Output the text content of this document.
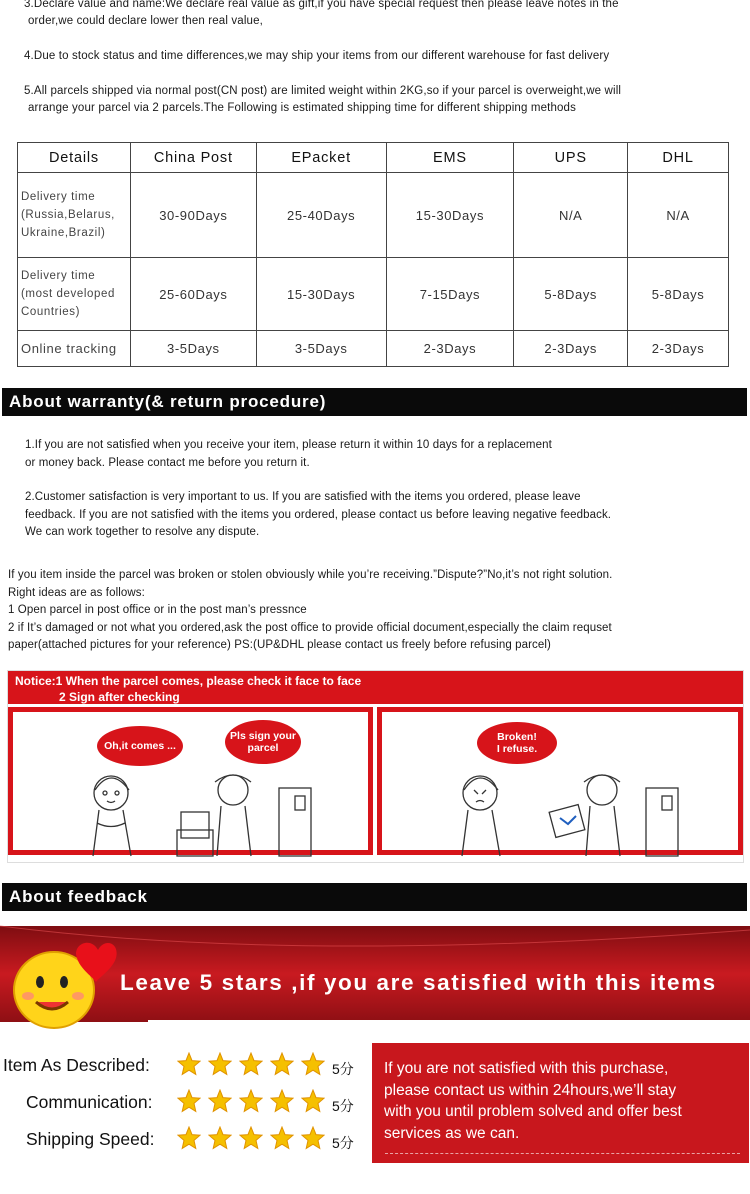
3.Declare value and name:We declare real value as gift,if you have special request then please leave notes in the

order,we could declare lower then real value,

4.Due to stock status and time differences,we may ship your items from our different warehouse for fast delivery

5.All parcels shipped via normal post(CN post) are limited weight within 2KG,so if your parcel is overweight,we will

arrange your parcel via 2 parcels.The Following is estimated shipping time for different shipping methods

Details	China Post	EPacket	EMS	UPS	DHL
Delivery time
(Russia,Belarus,
Ukraine,Brazil)	30-90Days	25-40Days	15-30Days	N/A	N/A
Delivery time
(most developed
Countries)	25-60Days	15-30Days	7-15Days	5-8Days	5-8Days
Online tracking	3-5Days	3-5Days	2-3Days	2-3Days	2-3Days
About warranty(& return procedure)
1.If you are not satisfied when you receive your item, please return it within 10 days for a replacement
or money back. Please contact me before you return it.
2.Customer satisfaction is very important to us. If you are satisfied with the items you ordered, please leave
feedback. If you are not satisfied with the items you ordered, please contact us before leaving negative feedback.
We can work together to resolve any dispute.
If you item inside the parcel was broken or stolen obviously while you’re receiving.”Dispute?”No,it’s not right solution.
Right ideas are as follows:
1 Open parcel in post office or in the post man’s pressnce
2 if It’s damaged or not what you ordered,ask the post office to provide official document,especially the claim requset
paper(attached pictures for your reference) PS:(UP&DHL please contact us freely before refusing parcel)
Notice:1 When the parcel comes, please check it face to face
2 Sign after checking
Oh,it comes ...
Pls sign your
parcel
Broken!
I refuse.
About feedback
Leave 5 stars ,if you are satisfied with this items
Item As Described:	5分
Communication:	5分
Shipping Speed:	5分
If you are not satisfied with this purchase,
please contact us within 24hours,we’ll stay
with you until problem solved and offer best
services as we can.
